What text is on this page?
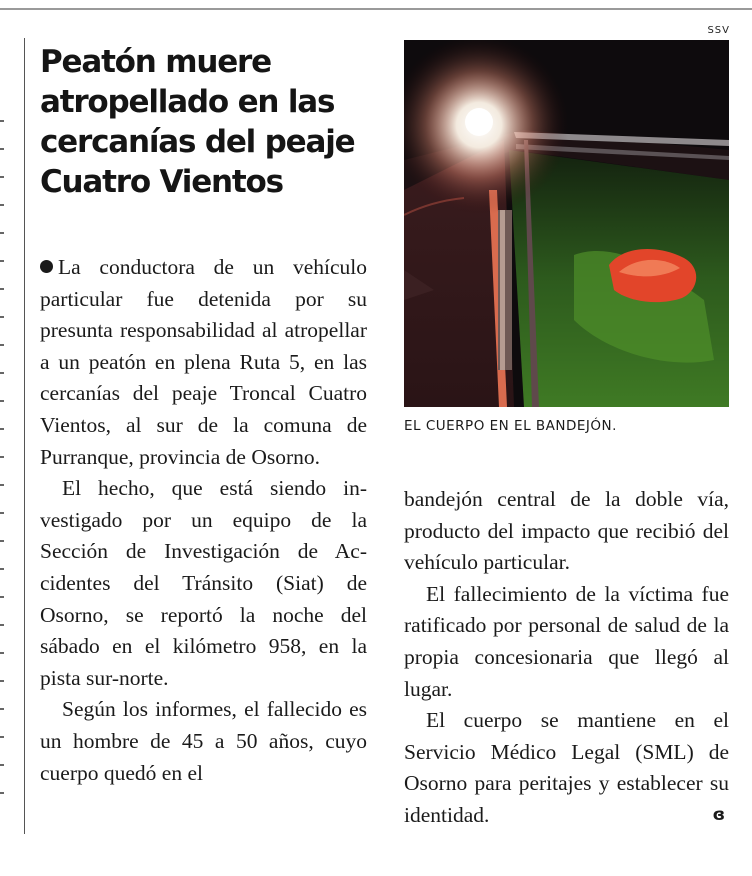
SSV
Peatón muere atropellado en las cercanías del peaje Cuatro Vientos

La conductora de un vehículo particular fue detenida por su presunta responsabilidad al atropellar a un peatón en plena Ruta 5, en las cercanías del peaje Troncal Cuatro Vientos, al sur de la comuna de Purranque, provincia de Osorno.

El hecho, que está siendo investigado por un equipo de la Sección de Investigación de Accidentes del Tránsito (Siat) de Osorno, se reportó la noche del sábado en el kilómetro 958, en la pista sur-norte.

Según los informes, el fallecido es un hombre de 45 a 50 años, cuyo cuerpo quedó en el

EL CUERPO EN EL BANDEJÓN.

bandejón central de la doble vía, producto del impacto que recibió del vehículo particular.

El fallecimiento de la víctima fue ratificado por personal de salud de la propia concesionaria que llegó al lugar.

El cuerpo se mantiene en el Servicio Médico Legal (SML) de Osorno para peritajes y establecer su identidad.	ɞ
